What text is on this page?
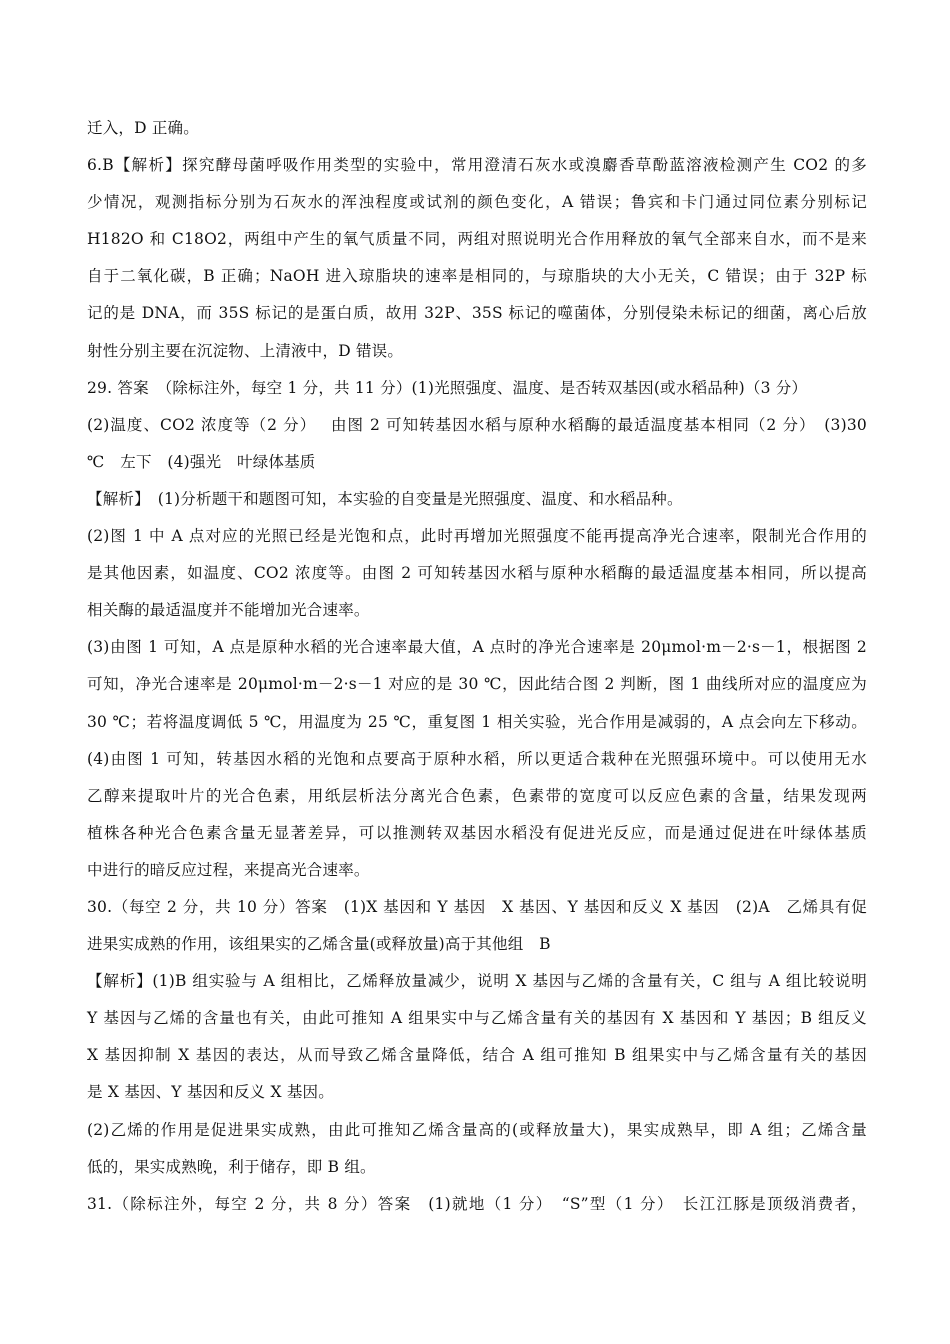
迁入，D 正确。
6.B【解析】探究酵母菌呼吸作用类型的实验中，常用澄清石灰水或溴麝香草酚蓝溶液检测产生 CO2 的多
少情况，观测指标分别为石灰水的浑浊程度或试剂的颜色变化，A 错误；鲁宾和卡门通过同位素分别标记
H182O 和 C18O2，两组中产生的氧气质量不同，两组对照说明光合作用释放的氧气全部来自水，而不是来
自于二氧化碳，B 正确；NaOH 进入琼脂块的速率是相同的，与琼脂块的大小无关，C 错误；由于 32P 标
记的是 DNA，而 35S 标记的是蛋白质，故用 32P、35S 标记的噬菌体，分别侵染未标记的细菌，离心后放
射性分别主要在沉淀物、上清液中，D 错误。
29. 答案　（除标注外，每空 1 分，共 11 分）(1)光照强度、温度、是否转双基因(或水稻品种)（3 分）
(2)温度、CO2 浓度等（2 分）　 由图 2 可知转基因水稻与原种水稻酶的最适温度基本相同（2 分）　(3)30
℃　左下　(4)强光　叶绿体基质
【解析】　(1)分析题干和题图可知，本实验的自变量是光照强度、温度、和水稻品种。
(2)图 1 中 A 点对应的光照已经是光饱和点，此时再增加光照强度不能再提高净光合速率，限制光合作用的
是其他因素，如温度、CO2 浓度等。由图 2 可知转基因水稻与原种水稻酶的最适温度基本相同，所以提高
相关酶的最适温度并不能增加光合速率。
(3)由图 1 可知，A 点是原种水稻的光合速率最大值，A 点时的净光合速率是 20μmol·m－2·s－1，根据图 2
可知，净光合速率是 20μmol·m－2·s－1 对应的是 30 ℃，因此结合图 2 判断，图 1 曲线所对应的温度应为
30 ℃；若将温度调低 5 ℃，用温度为 25 ℃，重复图 1 相关实验，光合作用是减弱的，A 点会向左下移动。
(4)由图 1 可知，转基因水稻的光饱和点要高于原种水稻，所以更适合栽种在光照强环境中。可以使用无水
乙醇来提取叶片的光合色素，用纸层析法分离光合色素，色素带的宽度可以反应色素的含量，结果发现两
植株各种光合色素含量无显著差异，可以推测转双基因水稻没有促进光反应，而是通过促进在叶绿体基质
中进行的暗反应过程，来提高光合速率。
30.（每空 2 分，共 10 分）答案　(1)X 基因和 Y 基因　X 基因、Y 基因和反义 X 基因　(2)A　乙烯具有促
进果实成熟的作用，该组果实的乙烯含量(或释放量)高于其他组　B
【解析】(1)B 组实验与 A 组相比，乙烯释放量减少，说明 X 基因与乙烯的含量有关，C 组与 A 组比较说明
Y 基因与乙烯的含量也有关，由此可推知 A 组果实中与乙烯含量有关的基因有 X 基因和 Y 基因；B 组反义
X 基因抑制 X 基因的表达，从而导致乙烯含量降低，结合 A 组可推知 B 组果实中与乙烯含量有关的基因
是 X 基因、Y 基因和反义 X 基因。
(2)乙烯的作用是促进果实成熟，由此可推知乙烯含量高的(或释放量大)，果实成熟早，即 A 组；乙烯含量
低的，果实成熟晚，利于储存，即 B 组。
31.（除标注外，每空 2 分，共 8 分）答案　(1)就地（1 分）　“S”型（1 分）　长江江豚是顶级消费者，
